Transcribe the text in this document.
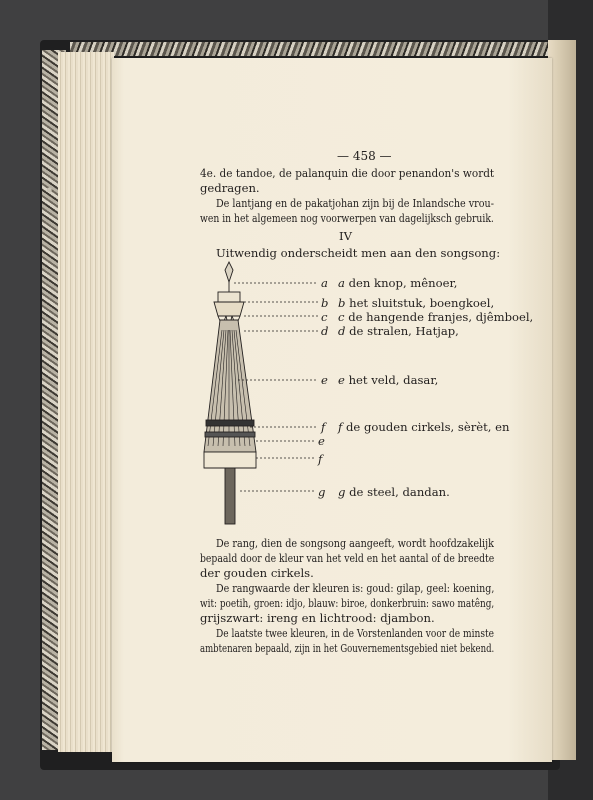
— 458 —
4e. de tandoe, de palanquin die door penandon's wordt
gedragen.
De lantjang en de pakatjohan zijn bij de Inlandsche vrou-
wen in het algemeen nog voorwerpen van dagelijksch gebruik.
IV
Uitwendig onderscheidt men aan den songsong:
a
b
c
d
e
f
e
f
g
a den knop, mênoer,
b het sluitstuk, boengkoel,
c de hangende franjes, djêmboel,
d de stralen, Hatjap,
e het veld, dasar,
f de gouden cirkels, sèrèt, en
g de steel, dandan.
De rang, dien de songsong aangeeft, wordt hoofdzakelijk
bepaald door de kleur van het veld en het aantal of de breedte
der gouden cirkels.
De rangwaarde der kleuren is: goud: gilap, geel: koening,
wit: poetih, groen: idjo, blauw: biroe, donkerbruin: sawo matêng,
grijszwart: ireng en lichtrood: djambon.
De laatste twee kleuren, in de Vorstenlanden voor de minste
ambtenaren bepaald, zijn in het Gouvernementsgebied niet bekend.
